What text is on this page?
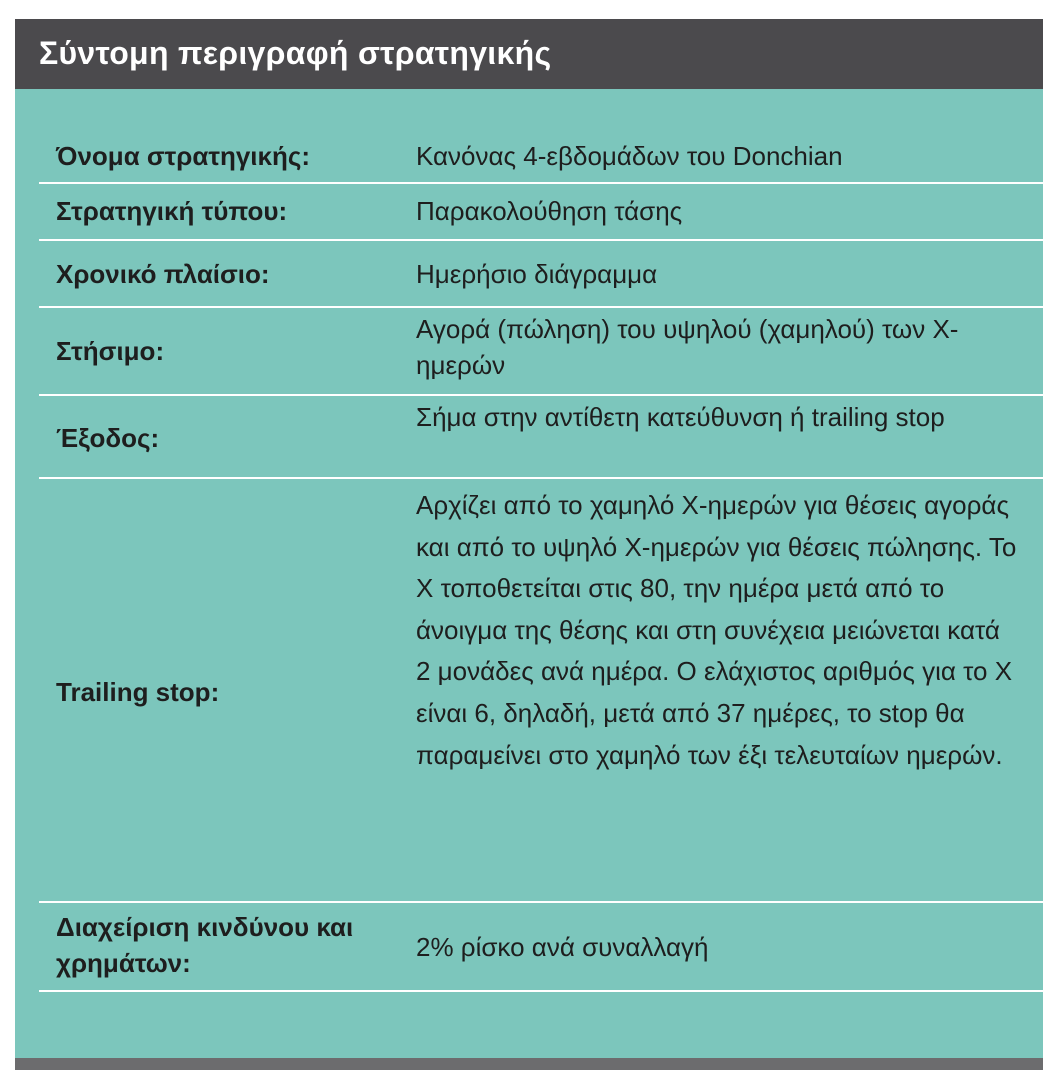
Σύντομη περιγραφή στρατηγικής
Όνομα στρατηγικής:	Κανόνας 4-εβδομάδων του Donchian
Στρατηγική τύπου:	Παρακολούθηση τάσης
Χρονικό πλαίσιο:	Ημερήσιο διάγραμμα
Στήσιμο:
Αγορά (πώληση) του υψηλού (χαμηλού) των Χ-ημερών
Έξοδος:
Σήμα στην αντίθετη κατεύθυνση ή trailing stop
Trailing stop:
Αρχίζει από το χαμηλό Χ-ημερών για θέσεις αγοράς και από το υψηλό Χ-ημερών για θέσεις πώλησης. Το Χ τοποθετείται στις 80, την ημέρα μετά από το άνοιγμα της θέσης και στη συνέχεια μειώνεται κατά 2 μονάδες ανά ημέρα. Ο ελάχιστος αριθμός για το Χ είναι 6, δηλαδή, μετά από 37 ημέρες, το stop θα παραμείνει στο χαμηλό των έξι τελευταίων ημερών.
Διαχείριση κινδύνου και χρημάτων:
2% ρίσκο ανά συναλλαγή
